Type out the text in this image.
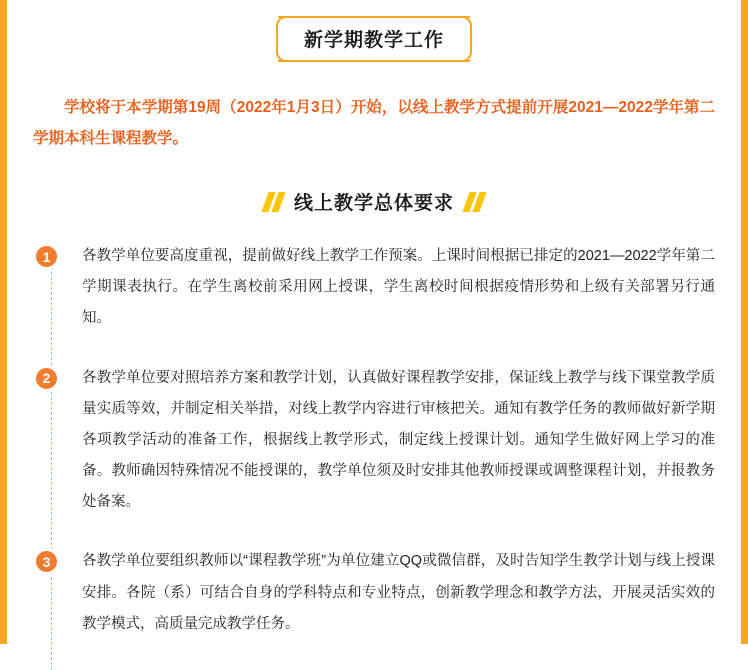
新学期教学工作

学校将于本学期第19周（2022年1月3日）开始，以线上教学方式提前开展2021—2022学年第二学期本科生课程教学。

线上教学总体要求
1	各教学单位要高度重视，提前做好线上教学工作预案。上课时间根据已排定的2021—2022学年第二学期课表执行。在学生离校前采用网上授课，学生离校时间根据疫情形势和上级有关部署另行通知。
2	各教学单位要对照培养方案和教学计划，认真做好课程教学安排，保证线上教学与线下课堂教学质量实质等效，并制定相关举措，对线上教学内容进行审核把关。通知有教学任务的教师做好新学期各项教学活动的准备工作，根据线上教学形式，制定线上授课计划。通知学生做好网上学习的准备。教师确因特殊情况不能授课的，教学单位须及时安排其他教师授课或调整课程计划，并报教务处备案。
3	各教学单位要组织教师以“课程教学班”为单位建立QQ或微信群，及时告知学生教学计划与线上授课安排。各院（系）可结合自身的学科特点和专业特点，创新教学理念和教学方法，开展灵活实效的教学模式，高质量完成教学任务。
